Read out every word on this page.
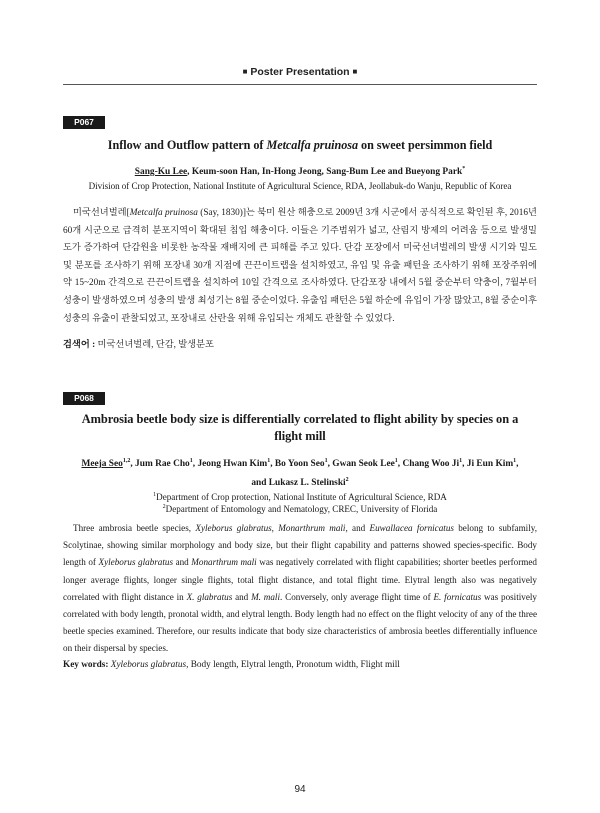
■ Poster Presentation ■
P067
Inflow and Outflow pattern of Metcalfa pruinosa on sweet persimmon field
Sang-Ku Lee, Keum-soon Han, In-Hong Jeong, Sang-Bum Lee and Bueyong Park*
Division of Crop Protection, National Institute of Agricultural Science, RDA, Jeollabuk-do Wanju, Republic of Korea
미국선녀벌레[Metcalfa pruinosa (Say, 1830)]는 북미 원산 해충으로 2009년 3개 시군에서 공식적으로 확인된 후, 2016년 60개 시군으로 급격히 분포지역이 확대된 침입 해충이다. 이들은 기주범위가 넓고, 산림지 방제의 어려움 등으로 발생밀도가 증가하여 단감원을 비롯한 농작물 재배지에 큰 피해를 주고 있다. 단감 포장에서 미국선녀벌레의 발생 시기와 밀도 및 분포를 조사하기 위해 포장내 30개 지점에 끈끈이트랩을 설치하였고, 유입 및 유출 패턴을 조사하기 위해 포장주위에 약 15~20m 간격으로 끈끈이트랩을 설치하여 10일 간격으로 조사하였다. 단감포장 내에서 5월 중순부터 약충이, 7월부터 성충이 발생하였으며 성충의 발생 최성기는 8월 중순이었다. 유출입 패턴은 5월 하순에 유입이 가장 많았고, 8월 중순이후 성충의 유출이 관찰되었고, 포장내로 산란을 위해 유입되는 개체도 관찰할 수 있었다.
검색어 : 미국선녀벌레, 단감, 발생분포
P068
Ambrosia beetle body size is differentially correlated to flight ability by species on a flight mill
Meeja Seo$^{1,2}$, Jum Rae Cho$^1$, Jeong Hwan Kim$^1$, Bo Yoon Seo$^1$, Gwan Seok Lee$^1$, Chang Woo Ji$^1$, Ji Eun Kim$^1$,
and Lukasz L. Stelinski$^2$
$^1$Department of Crop protection, National Institute of Agricultural Science, RDA
$^2$Department of Entomology and Nematology, CREC, University of Florida
Three ambrosia beetle species, Xyleborus glabratus, Monarthrum mali, and Euwallacea fornicatus belong to subfamily, Scolytinae, showing similar morphology and body size, but their flight capability and patterns showed species-specific. Body length of Xyleborus glabratus and Monarthrum mali was negatively correlated with flight capabilities; shorter beetles performed longer average flights, longer single flights, total flight distance, and total flight time. Elytral length also was negatively correlated with flight distance in X. glabratus and M. mali. Conversely, only average flight time of E. fornicatus was positively correlated with body length, pronotal width, and elytral length. Body length had no effect on the flight velocity of any of the three beetle species examined. Therefore, our results indicate that body size characteristics of ambrosia beetles differentially influence on their dispersal by species.
Key words: Xyleborus glabratus, Body length, Elytral length, Pronotum width, Flight mill
94
